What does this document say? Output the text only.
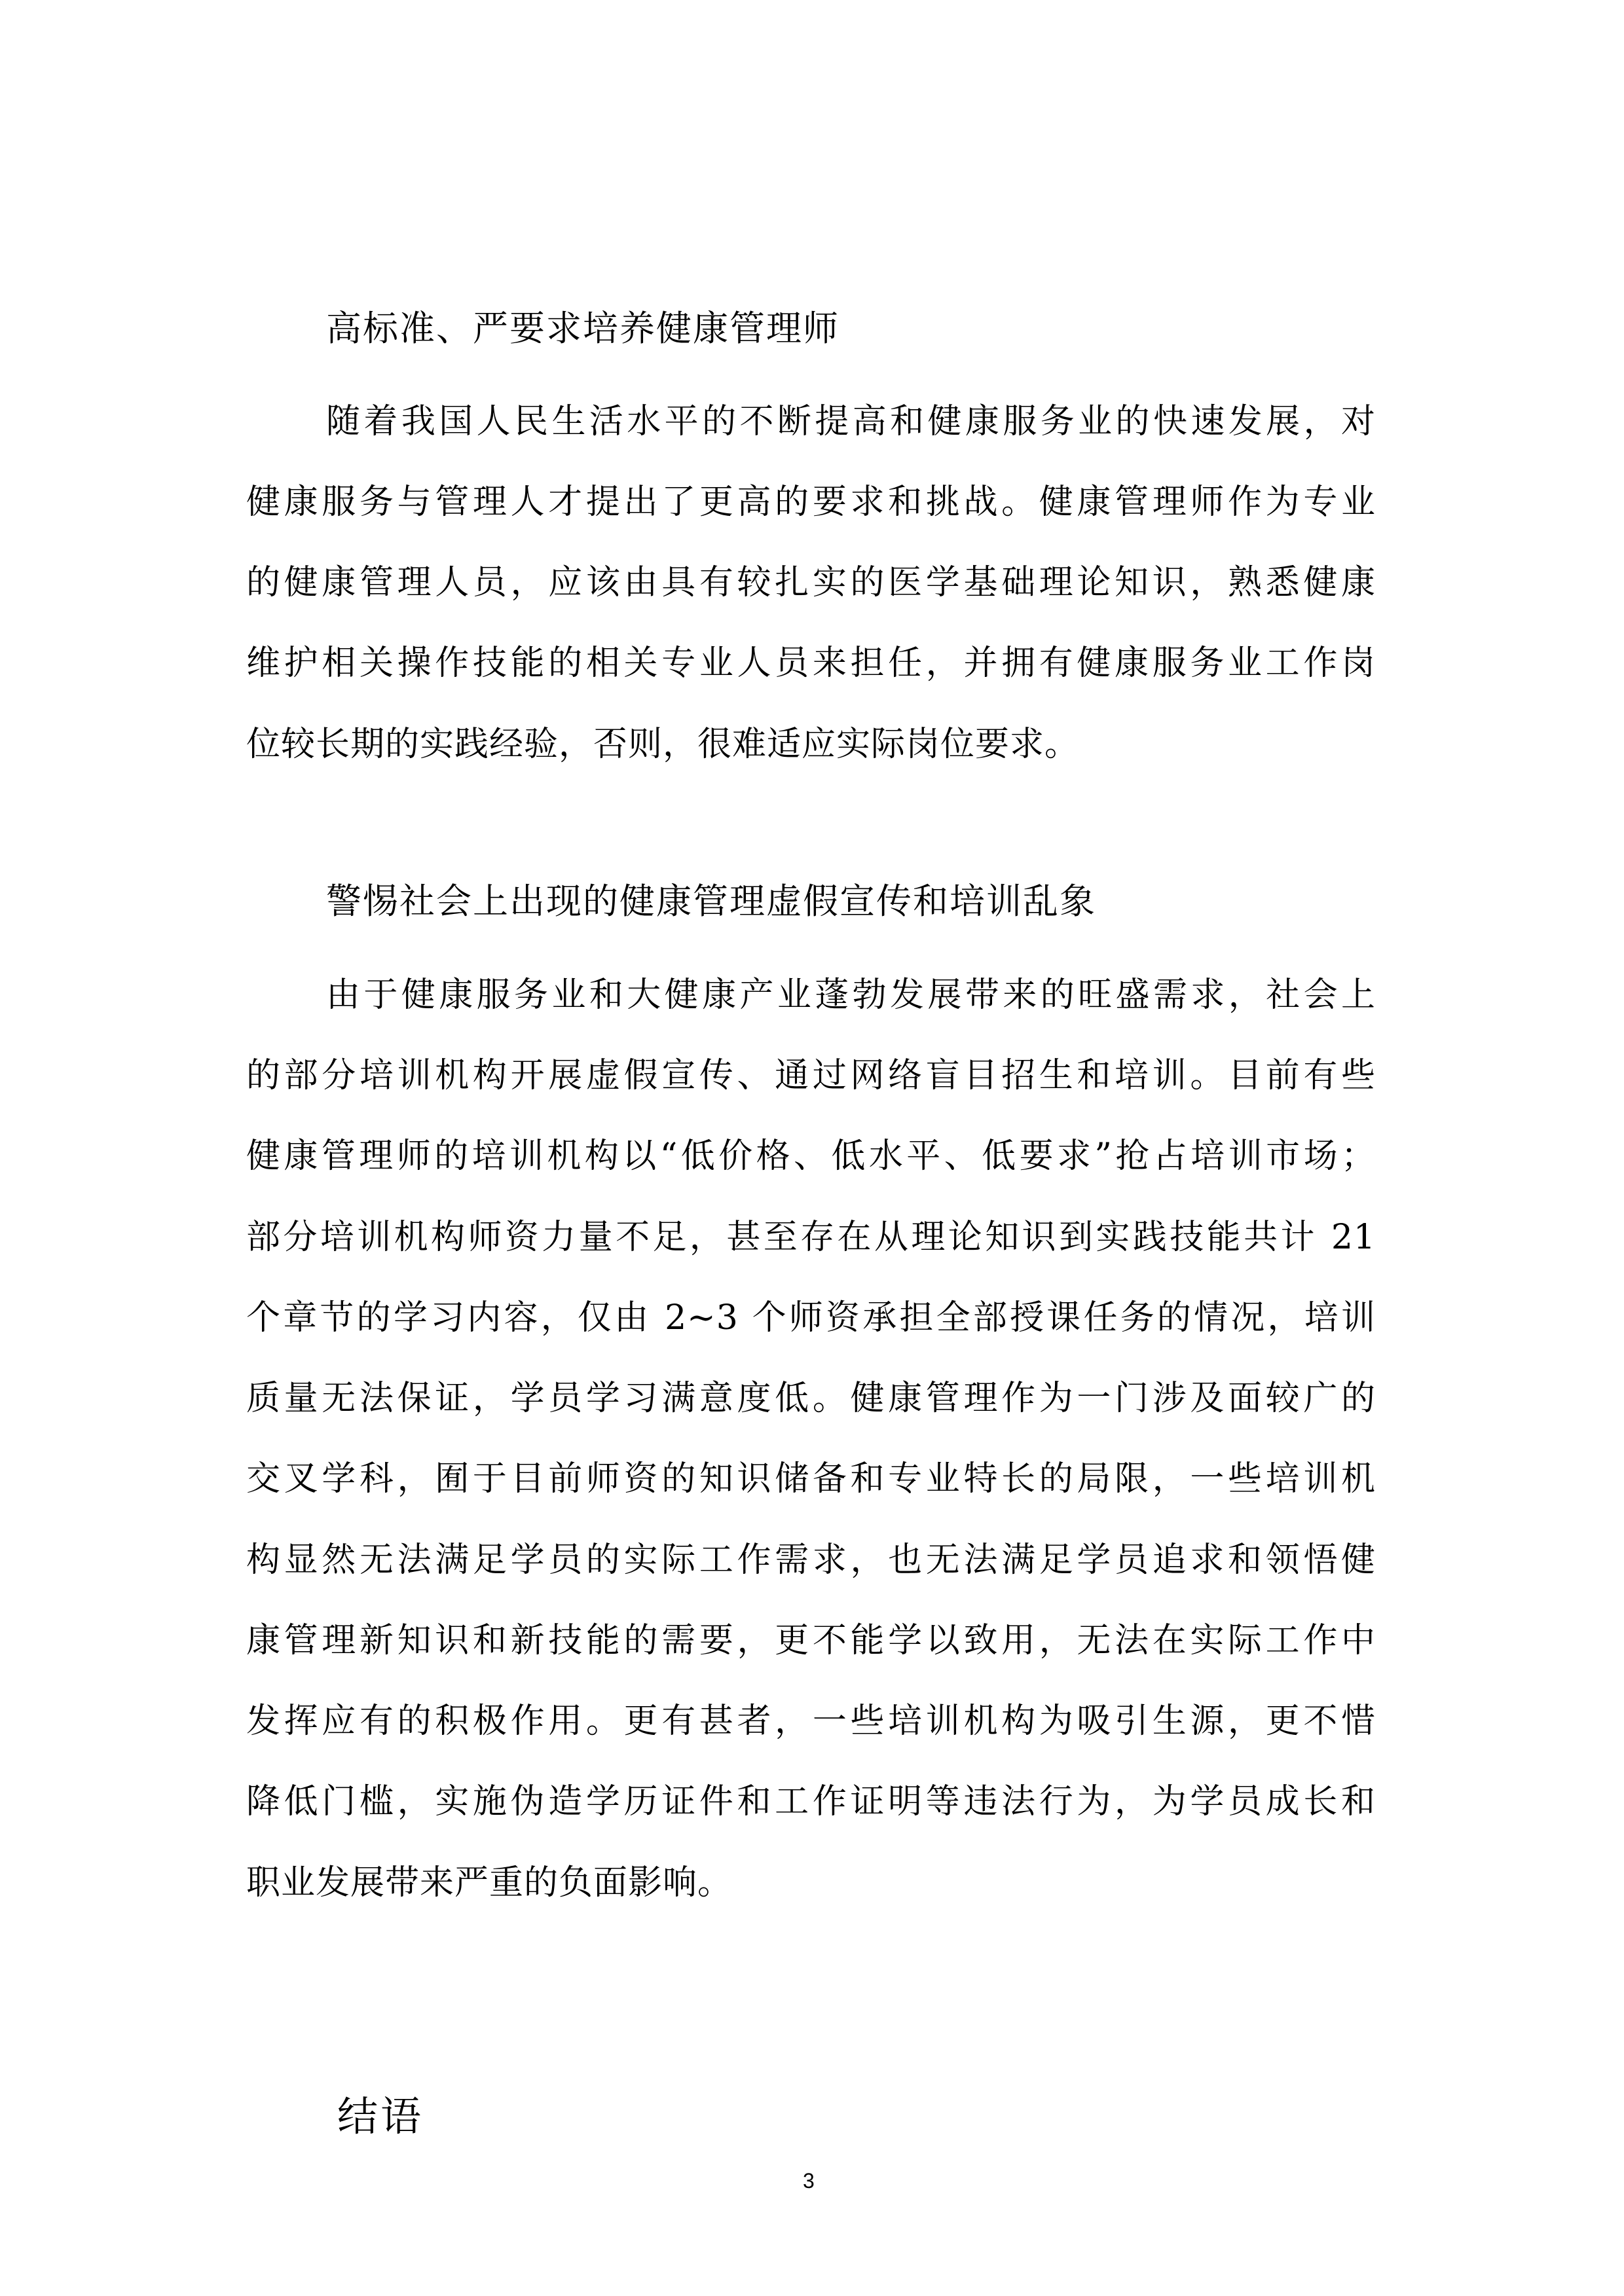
高标准、严要求培养健康管理师
随着我国人民生活水平的不断提高和健康服务业的快速发展，对
健康服务与管理人才提出了更高的要求和挑战。健康管理师作为专业
的健康管理人员，应该由具有较扎实的医学基础理论知识，熟悉健康
维护相关操作技能的相关专业人员来担任，并拥有健康服务业工作岗
位较长期的实践经验，否则，很难适应实际岗位要求。
警惕社会上出现的健康管理虚假宣传和培训乱象
由于健康服务业和大健康产业蓬勃发展带来的旺盛需求，社会上
的部分培训机构开展虚假宣传、通过网络盲目招生和培训。目前有些
健康管理师的培训机构以“低价格、低水平、低要求”抢占培训市场；
部分培训机构师资力量不足，甚至存在从理论知识到实践技能共计 21
个章节的学习内容，仅由 2~3 个师资承担全部授课任务的情况，培训
质量无法保证，学员学习满意度低。健康管理作为一门涉及面较广的
交叉学科，囿于目前师资的知识储备和专业特长的局限，一些培训机
构显然无法满足学员的实际工作需求，也无法满足学员追求和领悟健
康管理新知识和新技能的需要，更不能学以致用，无法在实际工作中
发挥应有的积极作用。更有甚者，一些培训机构为吸引生源，更不惜
降低门槛，实施伪造学历证件和工作证明等违法行为，为学员成长和
职业发展带来严重的负面影响。
结语
3
